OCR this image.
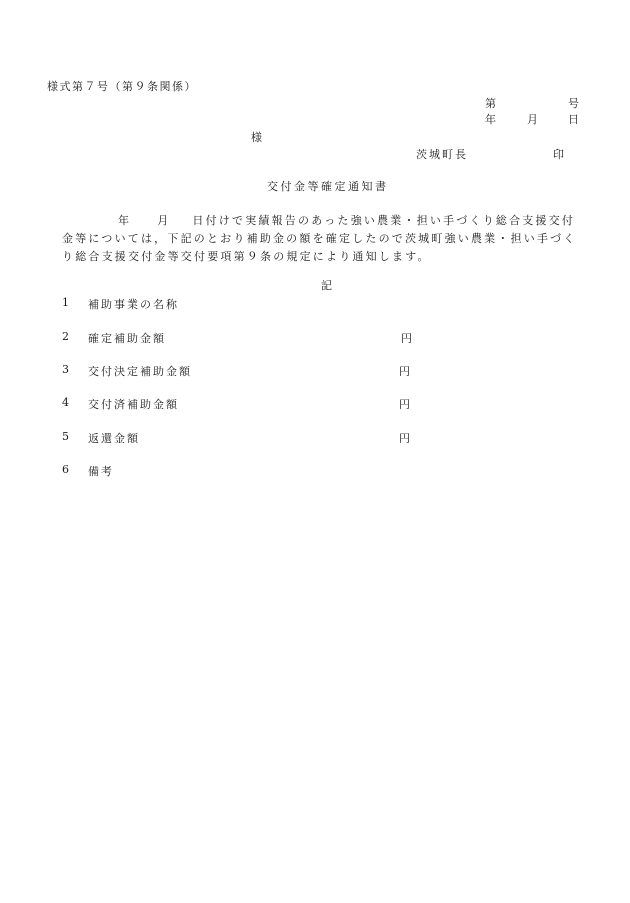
様式第７号（第９条関係）
第	号
年	月	日
様
茨城町長	印
交付金等確定通知書
年 月 日付けで実績報告のあった強い農業・担い手づくり総合支援交付
金等については，下記のとおり補助金の額を確定したので茨城町強い農業・担い手づく
り総合支援交付金等交付要項第９条の規定により通知します。
記
1 補助事業の名称
2 確定補助金額	円
3 交付決定補助金額	円
4 交付済補助金額	円
5 返還金額	円
6 備考
